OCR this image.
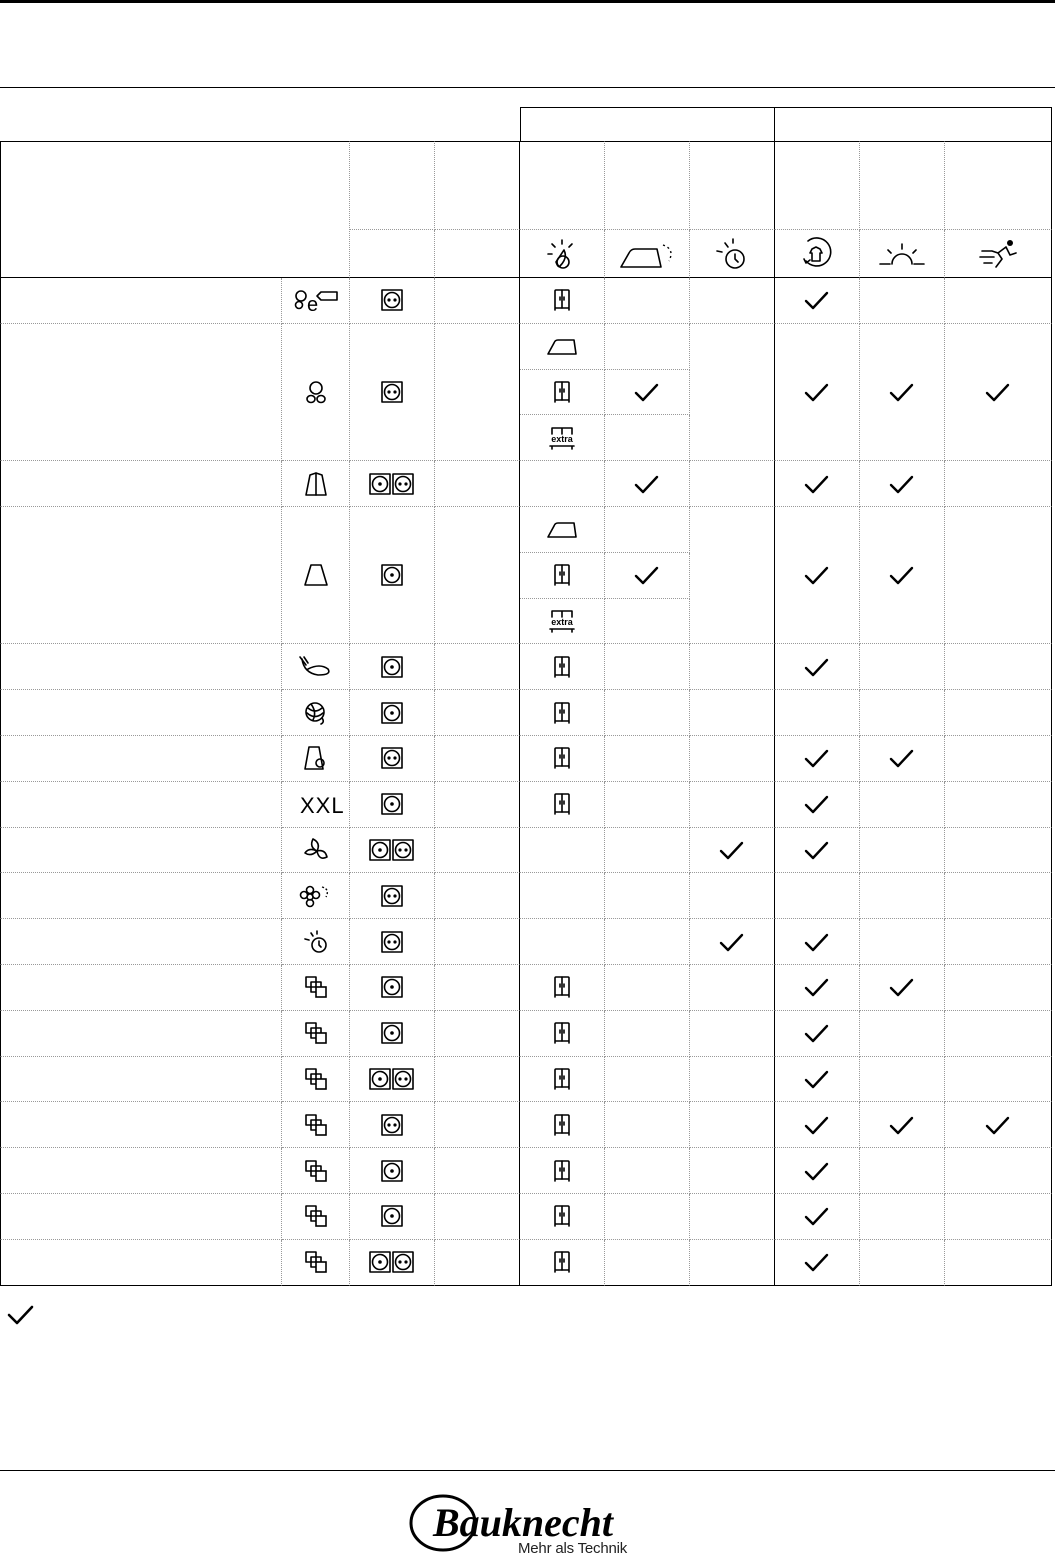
e
extra
extra
XXL
Bauknecht
Mehr als Technik
